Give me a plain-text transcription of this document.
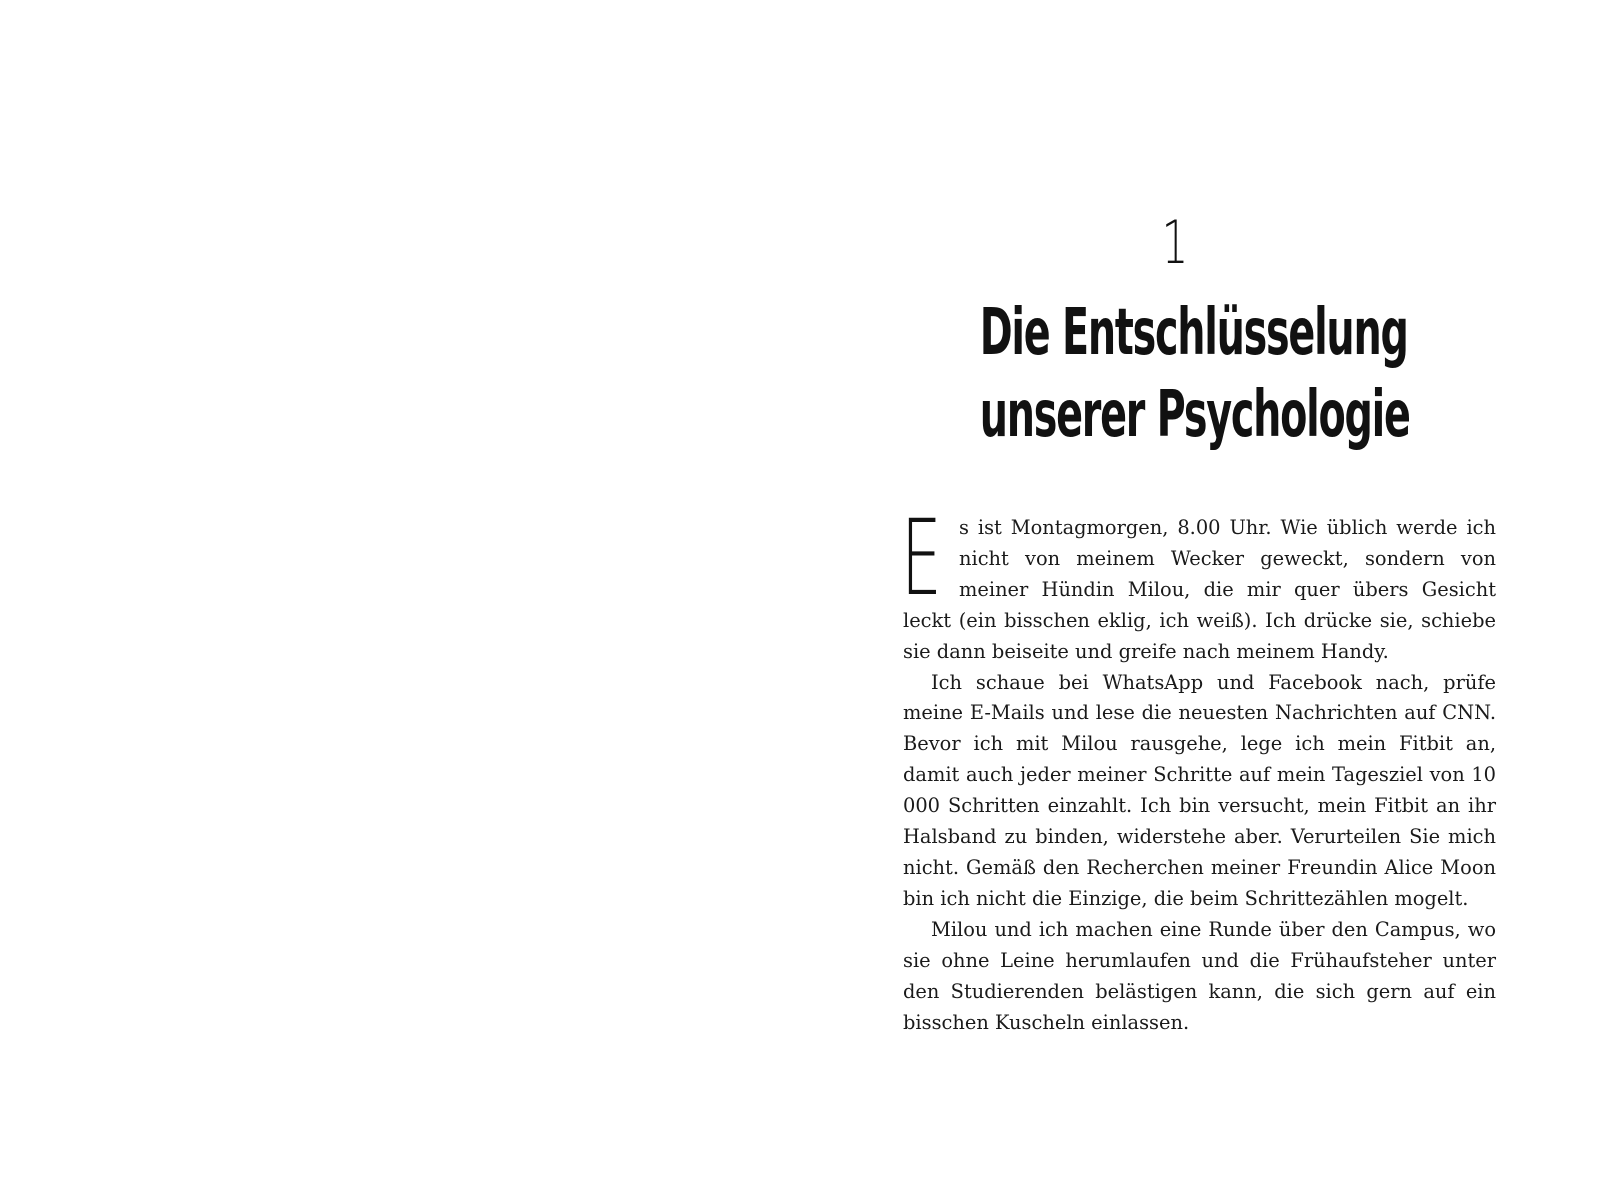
1
Die Entschlüsselung
unserer Psychologie

Es ist Montagmorgen, 8.00 Uhr. Wie üblich werde ich nicht von meinem Wecker geweckt, sondern von meiner Hündin Milou, die mir quer übers Gesicht leckt (ein bisschen eklig, ich weiß). Ich drücke sie, schiebe sie dann beiseite und greife nach meinem Handy.

Ich schaue bei WhatsApp und Facebook nach, prüfe meine E-Mails und lese die neuesten Nachrichten auf CNN. Bevor ich mit Milou rausgehe, lege ich mein Fitbit an, damit auch jeder meiner Schritte auf mein Tagesziel von 10 000 Schritten einzahlt. Ich bin versucht, mein Fitbit an ihr Halsband zu binden, widerstehe aber. Verurteilen Sie mich nicht. Gemäß den Recherchen meiner Freundin Alice Moon bin ich nicht die Einzige, die beim Schrittezählen mogelt.

Milou und ich machen eine Runde über den Campus, wo sie ohne Leine herumlaufen und die Frühaufsteher unter den Studierenden belästigen kann, die sich gern auf ein bisschen Kuscheln einlassen.
